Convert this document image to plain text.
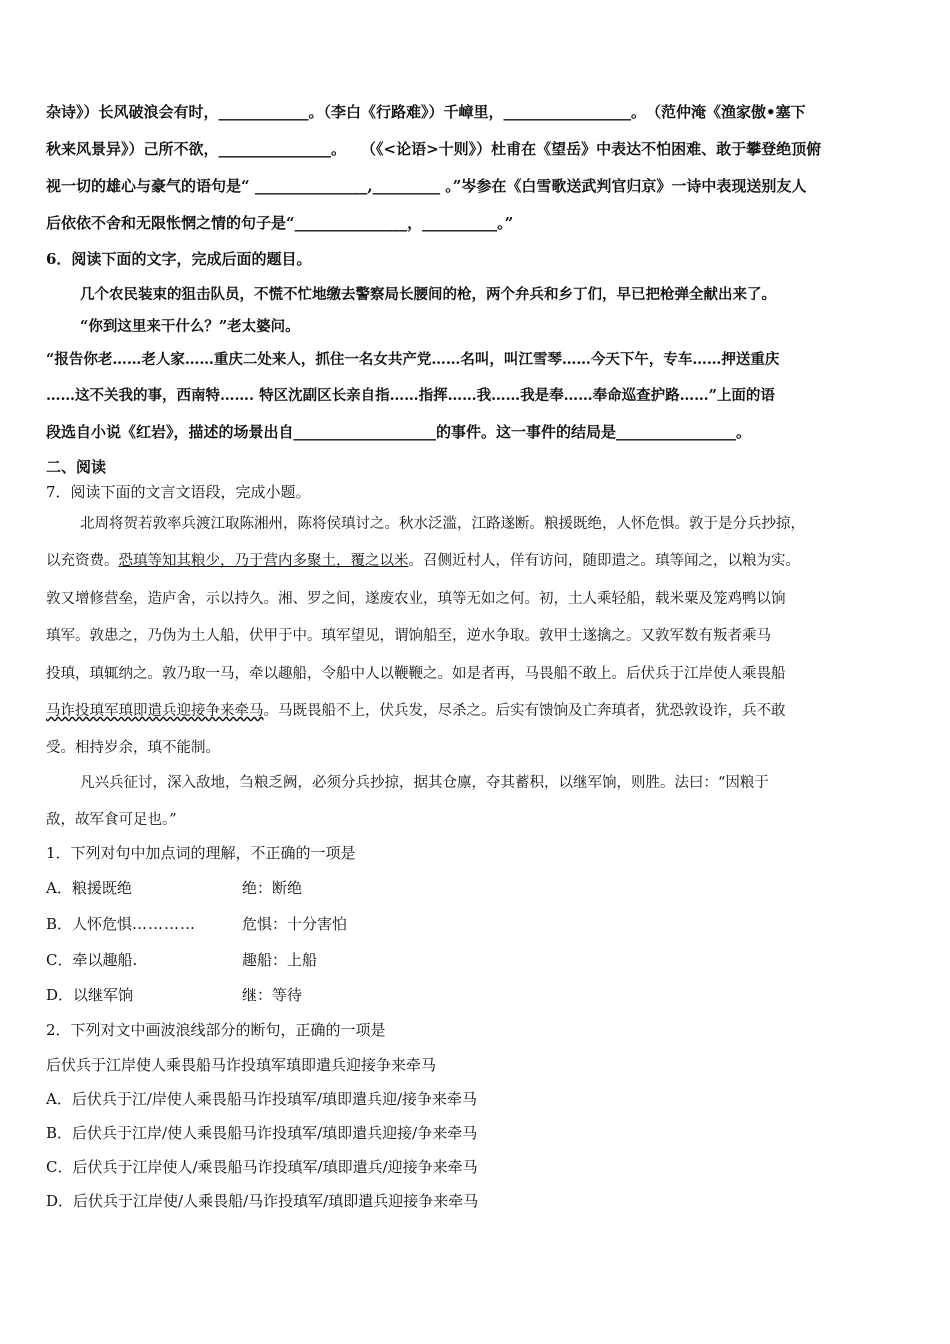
杂诗》）长风破浪会有时，____________。（李白《行路难》）千嶂里，_________________。　（范仲淹《渔家傲•塞下
秋来风景异》）己所不欲，_______________。　　（《<论语>十则》）杜甫在《望岳》中表达不怕困难、敢于攀登绝顶俯
视一切的雄心与豪气的语句是“ _______________,_________ 。”岑参在《白雪歌送武判官归京》一诗中表现送别友人
后依依不舍和无限怅惘之情的句子是“_______________，__________。”
6．阅读下面的文字，完成后面的题目。
几个农民装束的狙击队员，不慌不忙地缴去警察局长腰间的枪，两个弁兵和乡丁们，早已把枪弹全献出来了。
“你到这里来干什么？”老太婆问。
“报告你老……老人家……重庆二处来人，抓住一名女共产党……名叫，叫江雪琴……今天下午，专车……押送重庆
……这不关我的事，西南特……. 特区沈副区长亲自指……指挥……我……我是奉……奉命巡查护路……”上面的语
段选自小说《红岩》，描述的场景出自___________________的事件。这一事件的结局是________________。
二、阅读
7．阅读下面的文言文语段，完成小题。
北周将贺若敦率兵渡江取陈湘州，陈将侯瑱讨之。秋水泛滥，江路遂断。粮援既绝，人怀危惧。敦于是分兵抄掠，
以充资费。恐瑱等知其粮少，乃于营内多聚土，覆之以米。召侧近村人，佯有访问，随即遣之。瑱等闻之，以粮为实。
敦又增修营垒，造庐舍，示以持久。湘、罗之间，遂废农业，瑱等无如之何。初，土人乘轻船，载米粟及笼鸡鸭以饷
瑱军。敦患之，乃伪为土人船，伏甲于中。瑱军望见，谓饷船至，逆水争取。敦甲士遂擒之。又敦军数有叛者乘马
投瑱，瑱辄纳之。敦乃取一马，牵以趣船，令船中人以鞭鞭之。如是者再，马畏船不敢上。后伏兵于江岸使人乘畏船
马诈投瑱军瑱即遣兵迎接争来牵马。马既畏船不上，伏兵发，尽杀之。后实有馈饷及亡奔瑱者，犹恐敦设诈，兵不敢
受。相持岁余，瑱不能制。
凡兴兵征讨，深入敌地，刍粮乏阙，必须分兵抄掠，据其仓廪，夺其蓄积，以继军饷，则胜。法曰：“因粮于
敌，故军食可足也。”
1．下列对句中加点词的理解，不正确的一项是
A．粮援既绝	绝：断绝
B．人怀危惧…………	危惧：十分害怕
C．牵以趣船.	趣船：上船
D．以继军饷	继：等待
2．下列对文中画波浪线部分的断句，正确的一项是
后伏兵于江岸使人乘畏船马诈投瑱军瑱即遣兵迎接争来牵马
A．后伏兵于江/岸使人乘畏船马诈投瑱军/瑱即遣兵迎/接争来牵马
B．后伏兵于江岸/使人乘畏船马诈投瑱军/瑱即遣兵迎接/争来牵马
C．后伏兵于江岸使人/乘畏船马诈投瑱军/瑱即遣兵/迎接争来牵马
D．后伏兵于江岸使/人乘畏船/马诈投瑱军/瑱即遣兵迎接争来牵马
